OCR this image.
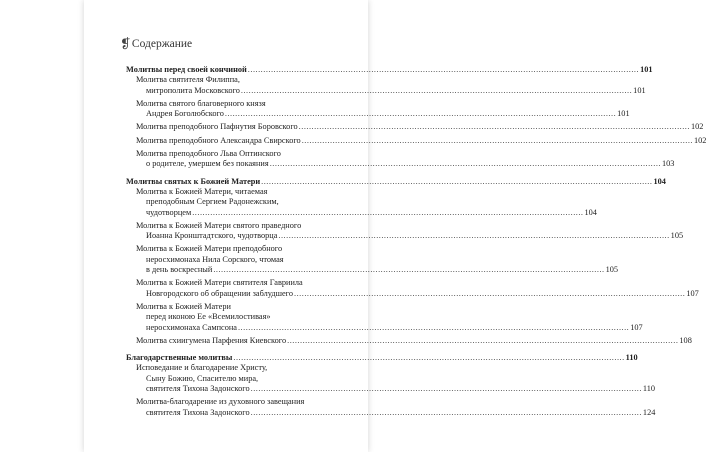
❡ Содержание
Молитвы перед своей кончиной .....	101
Молитва святителя Филиппа,
митрополита Московского .....	101
Молитва святого благоверного князя
Андрея Боголюбского .....	101
Молитва преподобного Пафнутия Боровского .....	102
Молитва преподобного Александра Свирского .....	102
Молитва преподобного Льва Оптинского
о родителе, умершем без покаяния .....	103
Молитвы святых к Божией Матери .....	104
Молитва к Божией Матери, читаемая
преподобным Сергием Радонежским,
чудотворцем .....	104
Молитва к Божией Матери святого праведного
Иоанна Кронштадтского, чудотворца .....	105
Молитва к Божией Матери преподобного
неросхимонаха Нила Сорского, чтомая
в день воскресный .....	105
Молитва к Божией Матери святителя Гавриила
Новгородского об обращении заблудшего .....	107
Молитва к Божией Матери
перед иконою Ее «Всемилостивая»
неросхимонаха Сампсона .....	107
Молитва схиигумена Парфения Киевского .....	108
Благодарственные молитвы .....	110
Исповедание и благодарение Христу,
Сыну Божию, Спасителю мира,
святителя Тихона Задонского .....	110
Молитва-благодарение из духовного завещания
святителя Тихона Задонского .....	124
